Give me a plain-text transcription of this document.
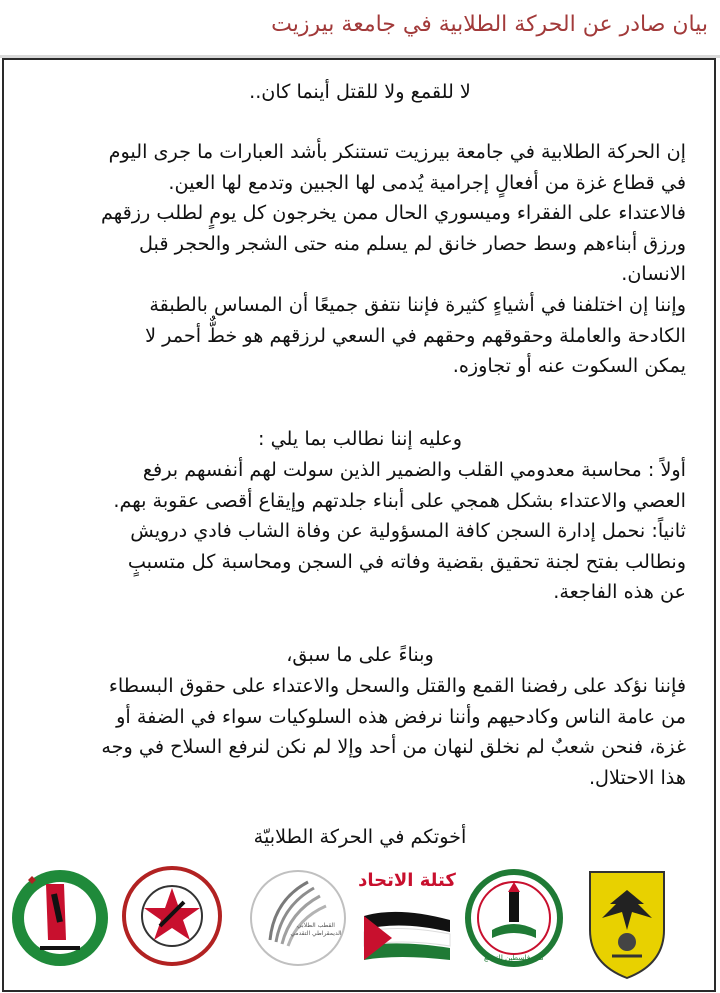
بيان صادر عن الحركة الطلابية في جامعة بيرزيت
لا للقمع ولا للقتل أينما كان..
إن الحركة الطلابية في جامعة بيرزيت تستنكر بأشد العبارات ما جرى اليوم
في قطاع غزة من أفعالٍ إجرامية يُدمى لها الجبين وتدمع لها العين.
فالاعتداء على الفقراء وميسوري الحال ممن يخرجون كل يومٍ لطلب رزقهم
ورزق أبناءهم وسط حصار خانق لم يسلم منه حتى الشجر والحجر قبل
الانسان.
وإننا إن اختلفنا في أشياءٍ كثيرة فإننا نتفق جميعًا أن المساس بالطبقة
الكادحة والعاملة وحقوقهم وحقهم في السعي لرزقهم هو خطٌّ أحمر لا
يمكن السكوت عنه أو تجاوزه.
وعليه إننا نطالب بما يلي :
أولاً : محاسبة معدومي القلب والضمير الذين سولت لهم أنفسهم برفع
العصي والاعتداء بشكل همجي على أبناء جلدتهم وإيقاع أقصى عقوبة بهم.
ثانياً: نحمل إدارة السجن كافة المسؤولية عن وفاة الشاب فادي درويش
ونطالب بفتح لجنة تحقيق بقضية وفاته في السجن ومحاسبة كل متسببٍ
عن هذه الفاجعة.
وبناءً على ما سبق،
فإننا نؤكد على رفضنا القمع والقتل والسحل والاعتداء على حقوق البسطاء
من عامة الناس وكادحيهم وأننا نرفض هذه السلوكيات سواء في الضفة أو
غزة، فنحن شعبٌ لم نخلق لنهان من أحد وإلا لم نكن لنرفع السلاح في وجه
هذا الاحتلال.
أخوتكم في الحركة الطلابيّة
كتلة فلسطين للتجمع
كتلة الاتحاد
القطب الطلابي الديمقراطي التقدمي
